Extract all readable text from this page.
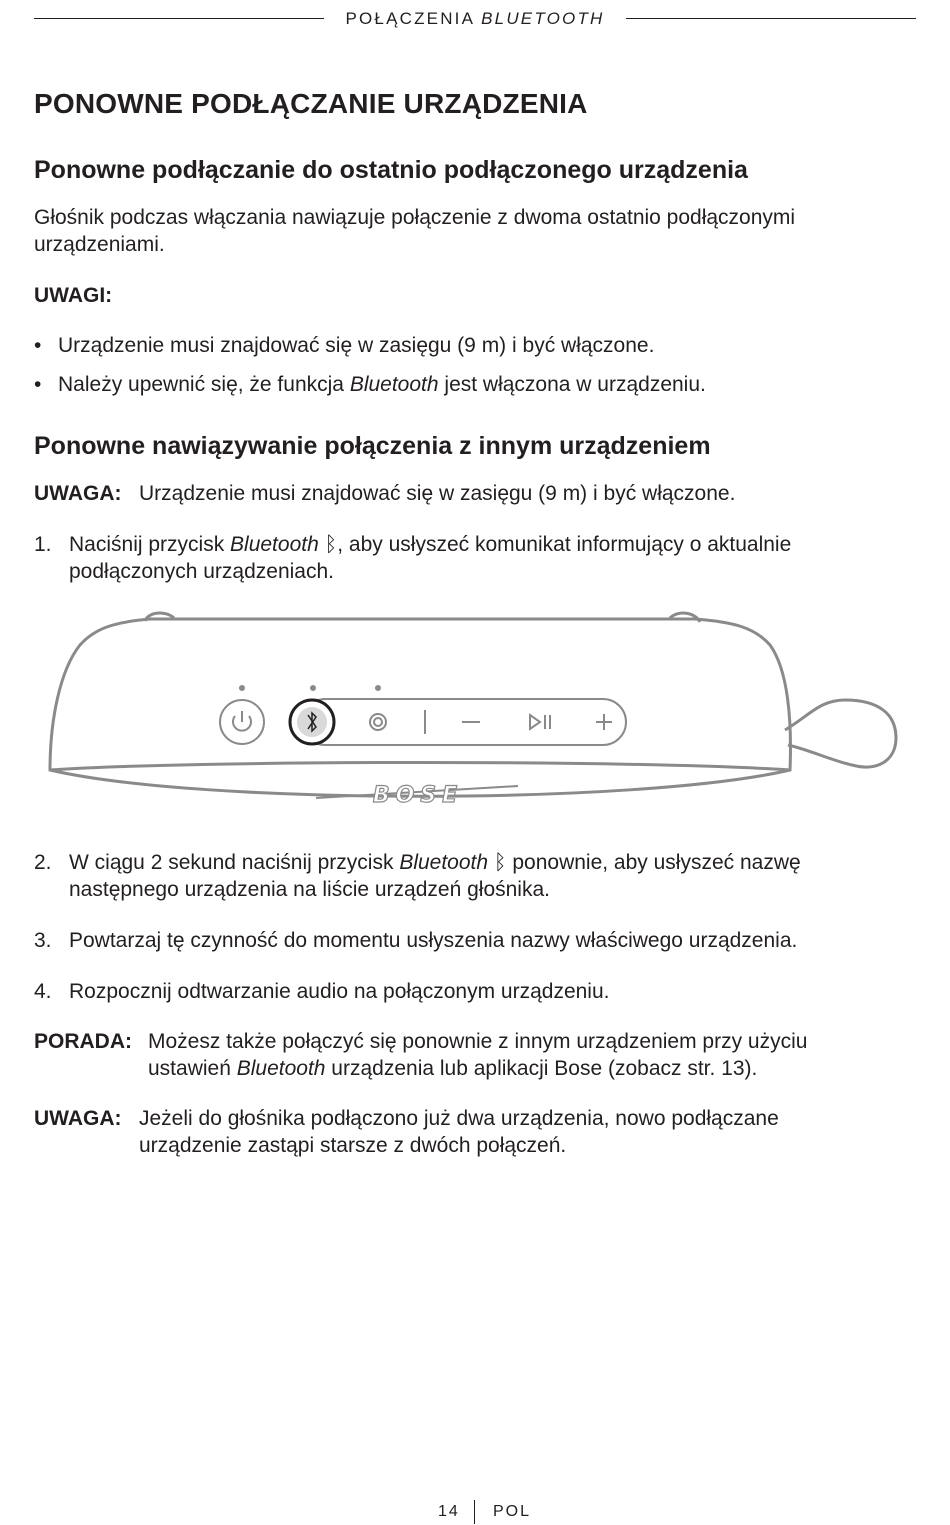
POŁĄCZENIA BLUETOOTH
PONOWNE PODŁĄCZANIE URZĄDZENIA
Ponowne podłączanie do ostatnio podłączonego urządzenia
Głośnik podczas włączania nawiązuje połączenie z dwoma ostatnio podłączonymi urządzeniami.
UWAGI:
• Urządzenie musi znajdować się w zasięgu (9 m) i być włączone.
• Należy upewnić się, że funkcja Bluetooth jest włączona w urządzeniu.
Ponowne nawiązywanie połączenia z innym urządzeniem
UWAGA: Urządzenie musi znajdować się w zasięgu (9 m) i być włączone.
1. Naciśnij przycisk Bluetooth ᛒ, aby usłyszeć komunikat informujący o aktualnie podłączonych urządzeniach.
BOSE
2. W ciągu 2 sekund naciśnij przycisk Bluetooth ᛒ ponownie, aby usłyszeć nazwę następnego urządzenia na liście urządzeń głośnika.
3. Powtarzaj tę czynność do momentu usłyszenia nazwy właściwego urządzenia.
4. Rozpocznij odtwarzanie audio na połączonym urządzeniu.
PORADA: Możesz także połączyć się ponownie z innym urządzeniem przy użyciu ustawień Bluetooth urządzenia lub aplikacji Bose (zobacz str. 13).
UWAGA: Jeżeli do głośnika podłączono już dwa urządzenia, nowo podłączane urządzenie zastąpi starsze z dwóch połączeń.
14 POL
